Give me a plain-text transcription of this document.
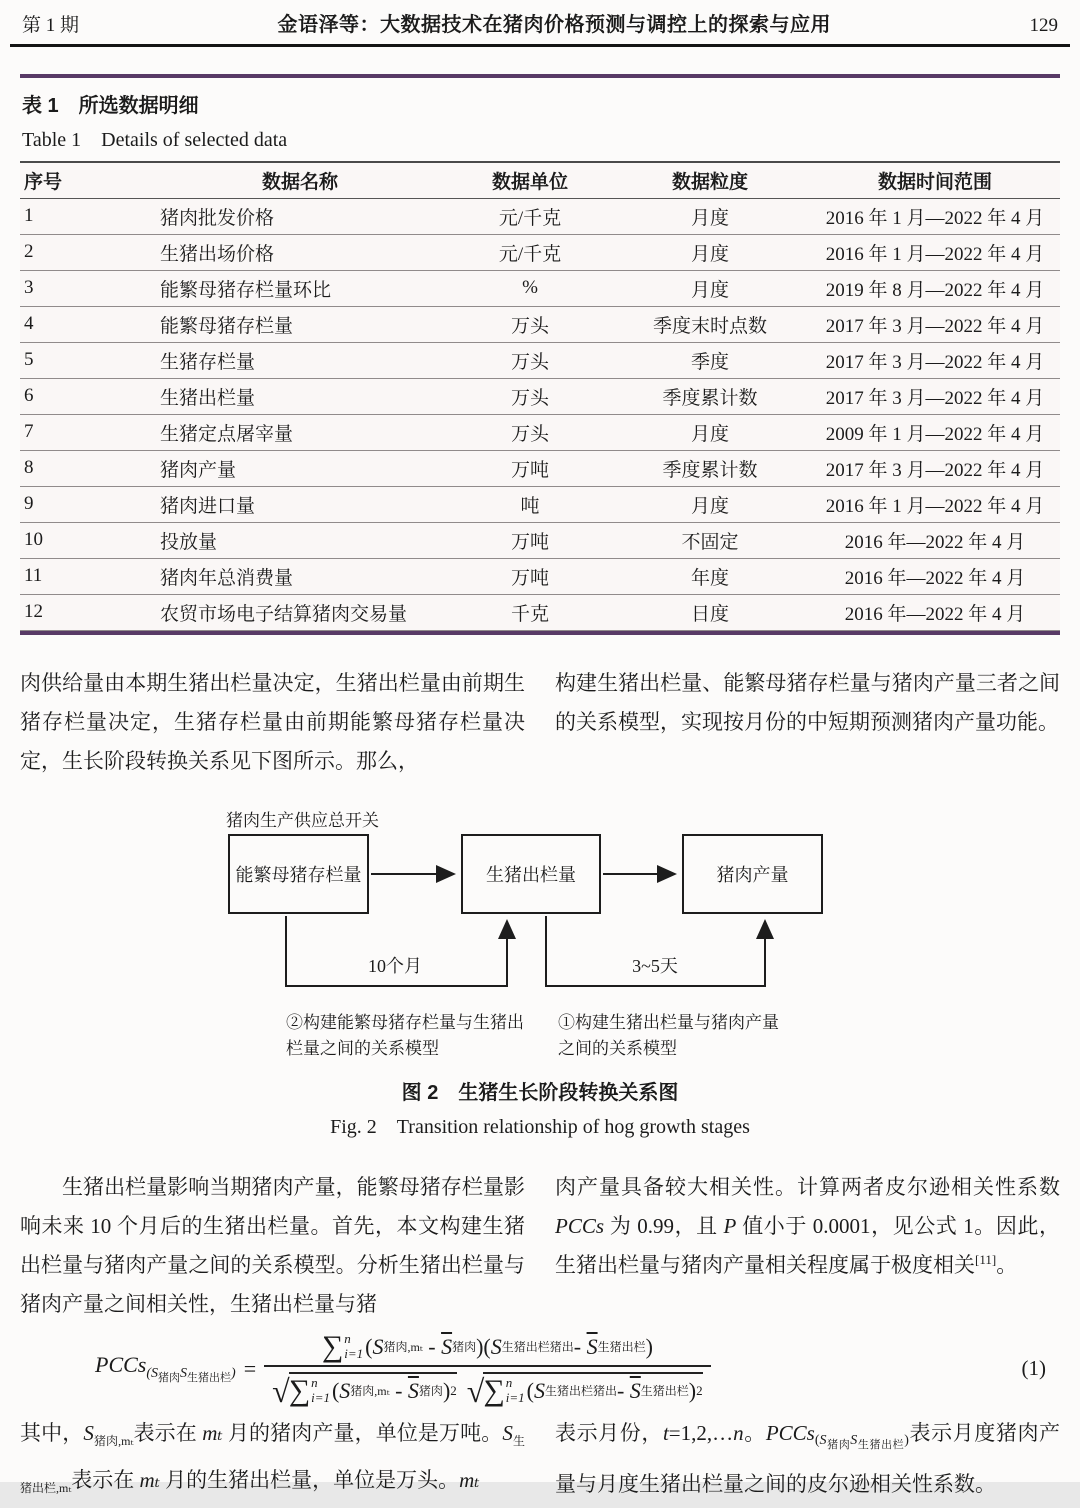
第 1 期	金语泽等：大数据技术在猪肉价格预测与调控上的探索与应用	129
表 1　所选数据明细
Table 1　Details of selected data
序号	数据名称	数据单位	数据粒度	数据时间范围
1	猪肉批发价格	元/千克	月度	2016 年 1 月—2022 年 4 月
2	生猪出场价格	元/千克	月度	2016 年 1 月—2022 年 4 月
3	能繁母猪存栏量环比	%	月度	2019 年 8 月—2022 年 4 月
4	能繁母猪存栏量	万头	季度末时点数	2017 年 3 月—2022 年 4 月
5	生猪存栏量	万头	季度	2017 年 3 月—2022 年 4 月
6	生猪出栏量	万头	季度累计数	2017 年 3 月—2022 年 4 月
7	生猪定点屠宰量	万头	月度	2009 年 1 月—2022 年 4 月
8	猪肉产量	万吨	季度累计数	2017 年 3 月—2022 年 4 月
9	猪肉进口量	吨	月度	2016 年 1 月—2022 年 4 月
10	投放量	万吨	不固定	2016 年—2022 年 4 月
11	猪肉年总消费量	万吨	年度	2016 年—2022 年 4 月
12	农贸市场电子结算猪肉交易量	千克	日度	2016 年—2022 年 4 月

肉供给量由本期生猪出栏量决定，生猪出栏量由前期生猪存栏量决定，生猪存栏量由前期能繁母猪存栏量决定，生长阶段转换关系见下图所示。那么，

构建生猪出栏量、能繁母猪存栏量与猪肉产量三者之间的关系模型，实现按月份的中短期预测猪肉产量功能。

猪肉生产供应总开关
能繁母猪存栏量	生猪出栏量	猪肉产量
10个月	3~5天
②构建能繁母猪存栏量与生猪出栏量之间的关系模型
①构建生猪出栏量与猪肉产量之间的关系模型
图 2　生猪生长阶段转换关系图
Fig. 2　Transition relationship of hog growth stages

生猪出栏量影响当期猪肉产量，能繁母猪存栏量影响未来 10 个月后的生猪出栏量。首先，本文构建生猪出栏量与猪肉产量之间的关系模型。分析生猪出栏量与猪肉产量之间相关性，生猪出栏量与猪

肉产量具备较大相关性。计算两者皮尔逊相关性系数 PCCs 为 0.99，且 P 值小于 0.0001，见公式 1。因此，生猪出栏量与猪肉产量相关程度属于极度相关[11]。

PCCs$_{(S_{猪肉}S_{生猪出栏})}$ = ∑ n
i=1 ( S 猪肉,mₜ
-
$\overline{S}$ 猪肉 ) ( S 生猪出栏猪出 -
$\overline{S}$ 生猪出栏 )
√ ∑ n
i=1 ( S 猪肉,mₜ
-
$\overline{S}$ 猪肉 ) 2 √ ∑ n
i=1 ( S 生猪出栏猪出 -
$\overline{S}$ 生猪出栏 ) 2	(1)

其中，$S_{猪肉,m_t}$表示在 mₜ 月的猪肉产量，单位是万吨。$S_{生猪出栏,m_t}$表示在 mₜ 月的生猪出栏量，单位是万头。mₜ

表示月份，t=1,2,…n。$PCCs(S_{猪肉}S_{生猪出栏})$表示月度猪肉产量与月度生猪出栏量之间的皮尔逊相关性系数。
